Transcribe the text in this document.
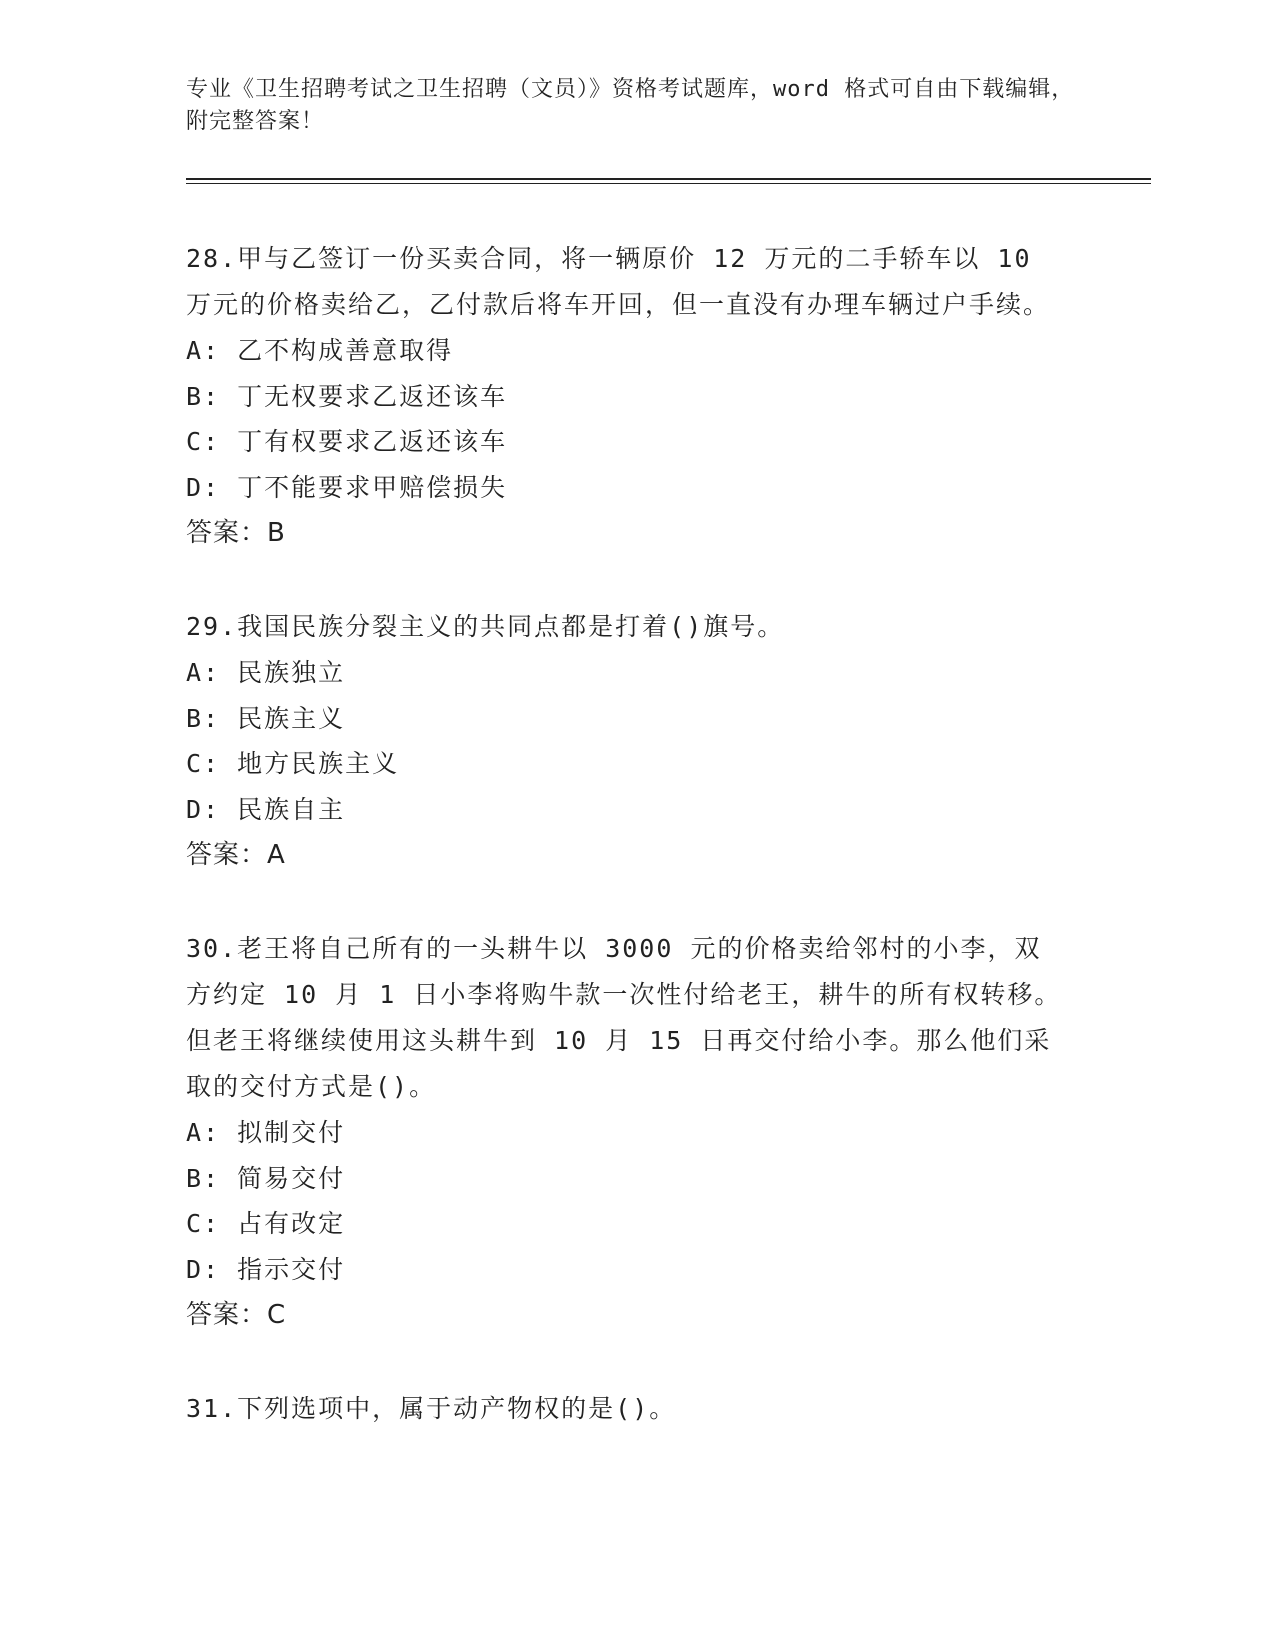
专业《卫生招聘考试之卫生招聘（文员）》资格考试题库，word 格式可自由下载编辑，附完整答案！

28.甲与乙签订一份买卖合同，将一辆原价 12 万元的二手轿车以 10 万元的价格卖给乙，乙付款后将车开回，但一直没有办理车辆过户手续。

A: 乙不构成善意取得

B: 丁无权要求乙返还该车

C: 丁有权要求乙返还该车

D: 丁不能要求甲赔偿损失

答案：B

29.我国民族分裂主义的共同点都是打着()旗号。

A: 民族独立

B: 民族主义

C: 地方民族主义

D: 民族自主

答案：A

30.老王将自己所有的一头耕牛以 3000 元的价格卖给邻村的小李，双方约定 10 月 1 日小李将购牛款一次性付给老王，耕牛的所有权转移。但老王将继续使用这头耕牛到 10 月 15 日再交付给小李。那么他们采取的交付方式是()。

A: 拟制交付

B: 简易交付

C: 占有改定

D: 指示交付

答案：C

31.下列选项中，属于动产物权的是()。
